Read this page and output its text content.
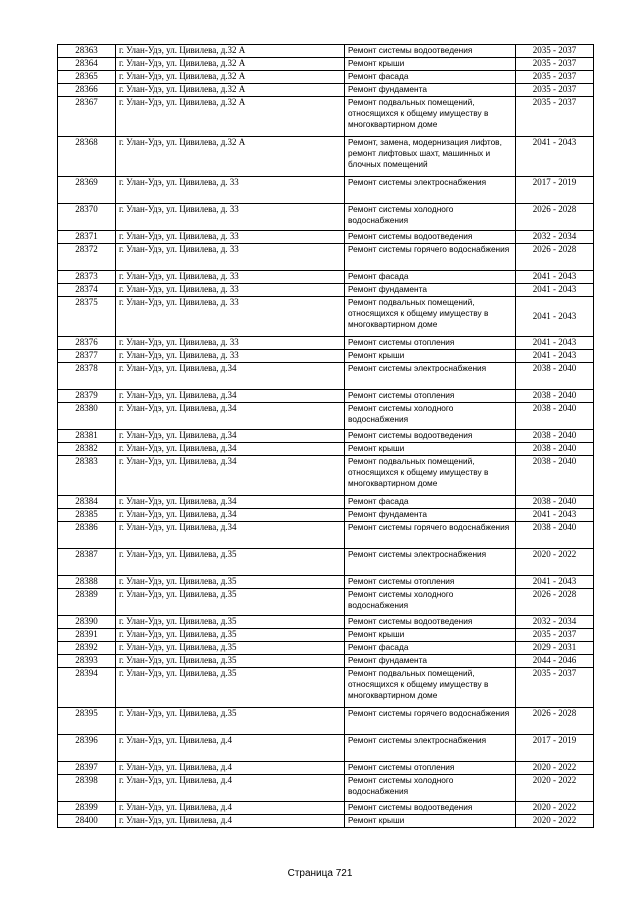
28363	г. Улан-Удэ, ул. Цивилева, д.32 А	Ремонт системы водоотведения	2035 - 2037
28364	г. Улан-Удэ, ул. Цивилева, д.32 А	Ремонт крыши	2035 - 2037
28365	г. Улан-Удэ, ул. Цивилева, д.32 А	Ремонт фасада	2035 - 2037
28366	г. Улан-Удэ, ул. Цивилева, д.32 А	Ремонт фундамента	2035 - 2037
28367	г. Улан-Удэ, ул. Цивилева, д.32 А	Ремонт подвальных помещений, относящихся к общему имуществу в многоквартирном доме	2035 - 2037
28368	г. Улан-Удэ, ул. Цивилева, д.32 А	Ремонт, замена, модернизация лифтов, ремонт лифтовых шахт, машинных и блочных помещений	2041 - 2043
28369	г. Улан-Удэ, ул. Цивилева, д. 33	Ремонт системы электроснабжения	2017 - 2019
28370	г. Улан-Удэ, ул. Цивилева, д. 33	Ремонт системы холодного водоснабжения	2026 - 2028
28371	г. Улан-Удэ, ул. Цивилева, д. 33	Ремонт системы водоотведения	2032 - 2034
28372	г. Улан-Удэ, ул. Цивилева, д. 33	Ремонт системы горячего водоснабжения	2026 - 2028
28373	г. Улан-Удэ, ул. Цивилева, д. 33	Ремонт фасада	2041 - 2043
28374	г. Улан-Удэ, ул. Цивилева, д. 33	Ремонт фундамента	2041 - 2043
28375	г. Улан-Удэ, ул. Цивилева, д. 33	Ремонт подвальных помещений, относящихся к общему имуществу в многоквартирном доме	2041 - 2043
28376	г. Улан-Удэ, ул. Цивилева, д. 33	Ремонт системы отопления	2041 - 2043
28377	г. Улан-Удэ, ул. Цивилева, д. 33	Ремонт крыши	2041 - 2043
28378	г. Улан-Удэ, ул. Цивилева, д.34	Ремонт системы электроснабжения	2038 - 2040
28379	г. Улан-Удэ, ул. Цивилева, д.34	Ремонт системы отопления	2038 - 2040
28380	г. Улан-Удэ, ул. Цивилева, д.34	Ремонт системы холодного водоснабжения	2038 - 2040
28381	г. Улан-Удэ, ул. Цивилева, д.34	Ремонт системы водоотведения	2038 - 2040
28382	г. Улан-Удэ, ул. Цивилева, д.34	Ремонт крыши	2038 - 2040
28383	г. Улан-Удэ, ул. Цивилева, д.34	Ремонт подвальных помещений, относящихся к общему имуществу в многоквартирном доме	2038 - 2040
28384	г. Улан-Удэ, ул. Цивилева, д.34	Ремонт фасада	2038 - 2040
28385	г. Улан-Удэ, ул. Цивилева, д.34	Ремонт фундамента	2041 - 2043
28386	г. Улан-Удэ, ул. Цивилева, д.34	Ремонт системы горячего водоснабжения	2038 - 2040
28387	г. Улан-Удэ, ул. Цивилева, д.35	Ремонт системы электроснабжения	2020 - 2022
28388	г. Улан-Удэ, ул. Цивилева, д.35	Ремонт системы отопления	2041 - 2043
28389	г. Улан-Удэ, ул. Цивилева, д.35	Ремонт системы холодного водоснабжения	2026 - 2028
28390	г. Улан-Удэ, ул. Цивилева, д.35	Ремонт системы водоотведения	2032 - 2034
28391	г. Улан-Удэ, ул. Цивилева, д.35	Ремонт крыши	2035 - 2037
28392	г. Улан-Удэ, ул. Цивилева, д.35	Ремонт фасада	2029 - 2031
28393	г. Улан-Удэ, ул. Цивилева, д.35	Ремонт фундамента	2044 - 2046
28394	г. Улан-Удэ, ул. Цивилева, д.35	Ремонт подвальных помещений, относящихся к общему имуществу в многоквартирном доме	2035 - 2037
28395	г. Улан-Удэ, ул. Цивилева, д.35	Ремонт системы горячего водоснабжения	2026 - 2028
28396	г. Улан-Удэ, ул. Цивилева, д.4	Ремонт системы электроснабжения	2017 - 2019
28397	г. Улан-Удэ, ул. Цивилева, д.4	Ремонт системы отопления	2020 - 2022
28398	г. Улан-Удэ, ул. Цивилева, д.4	Ремонт системы холодного водоснабжения	2020 - 2022
28399	г. Улан-Удэ, ул. Цивилева, д.4	Ремонт системы водоотведения	2020 - 2022
28400	г. Улан-Удэ, ул. Цивилева, д.4	Ремонт крыши	2020 - 2022
Страница 721
